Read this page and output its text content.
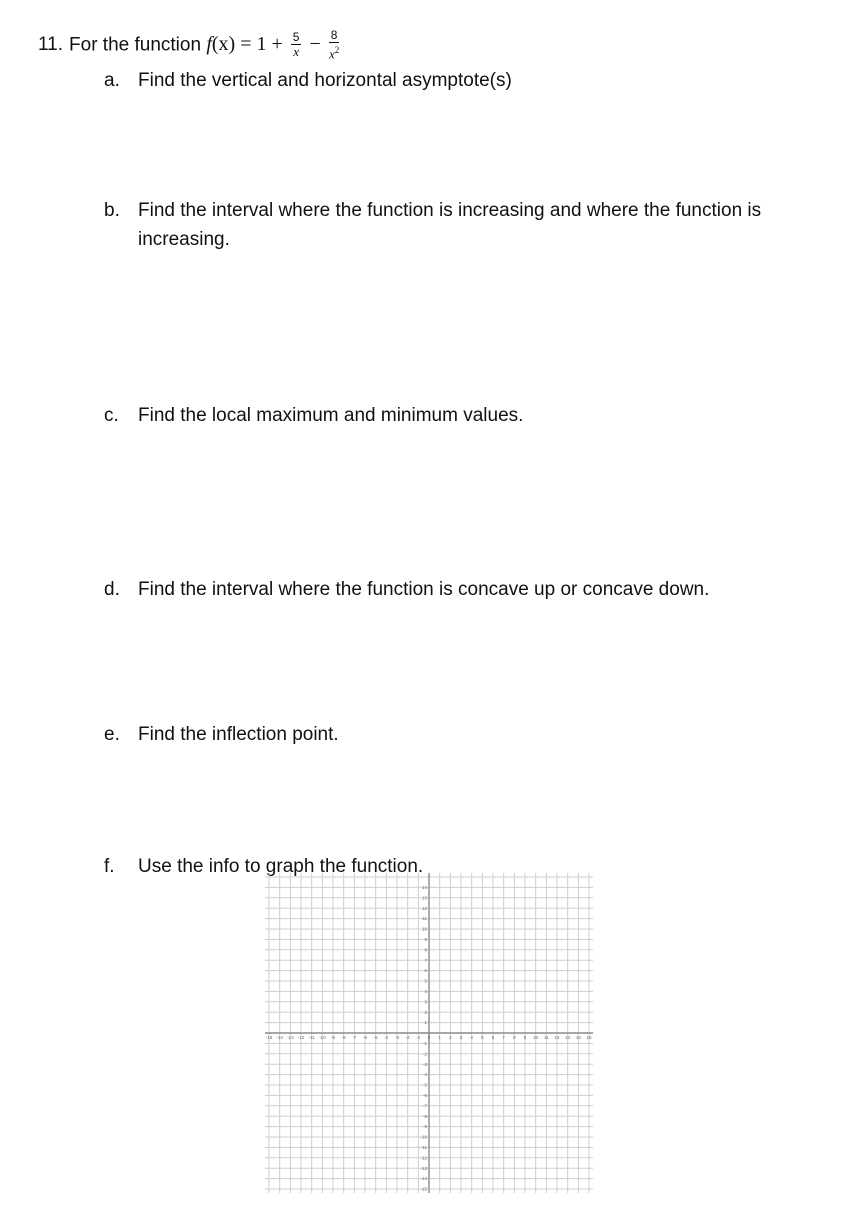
11. For the function $f(x) = 1 + \frac{5}{x} - \frac{8}{x^2}$
a. Find the vertical and horizontal asymptote(s)
b. Find the interval where the function is increasing and where the function is increasing.
c.	Find the local maximum and minimum values.
d. Find the interval where the function is concave up or concave down.
e. Find the inflection point.
f.	Use the info to graph the function.
-15 -14 -13 -12 -11 -10 -9 -8 -7 -6 -5 -4 -3 -2 -1 0 1 2 3 4 5 6 7 8 9 10 11 12 13 14 15
14
13
12
11
10
9
8
7
6
5
4
3
2
1
-1
-2
-3
-4
-5
-6
-7
-8
-9
-10
-11
-12
-13
-14
-15
